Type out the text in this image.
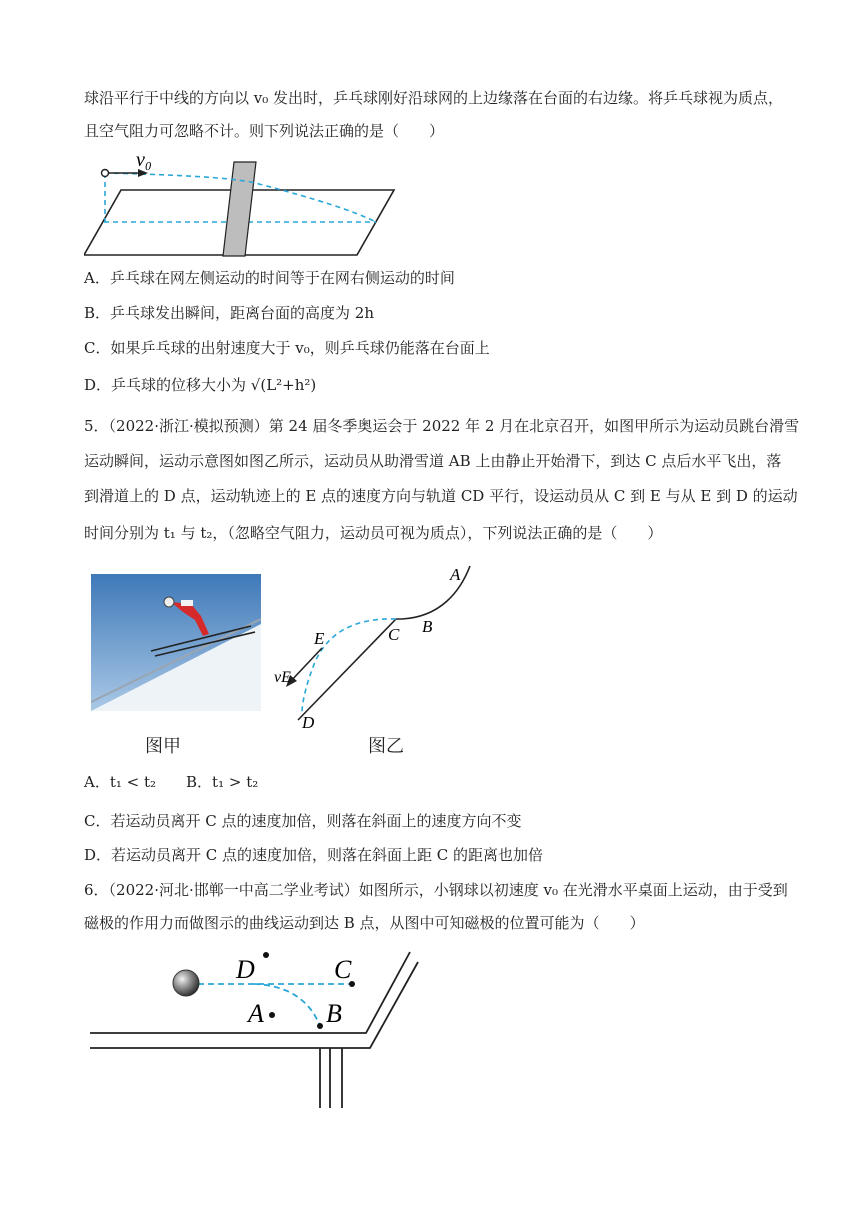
球沿平行于中线的方向以 v₀ 发出时，乒乓球刚好沿球网的上边缘落在台面的右边缘。将乒乓球视为质点，
且空气阻力可忽略不计。则下列说法正确的是（　　）
v₀
A．乒乓球在网左侧运动的时间等于在网右侧运动的时间
B．乒乓球发出瞬间，距离台面的高度为 2h
C．如果乒乓球的出射速度大于 v₀，则乒乓球仍能落在台面上
D．乒乓球的位移大小为 √(L²+h²)
5．（2022·浙江·模拟预测）第 24 届冬季奥运会于 2022 年 2 月在北京召开，如图甲所示为运动员跳台滑雪
运动瞬间，运动示意图如图乙所示，运动员从助滑雪道 AB 上由静止开始滑下，到达 C 点后水平飞出，落
到滑道上的 D 点，运动轨迹上的 E 点的速度方向与轨道 CD 平行，设运动员从 C 到 E 与从 E 到 D 的运动
时间分别为 t₁ 与 t₂，（忽略空气阻力，运动员可视为质点），下列说法正确的是（　　）
A
B
C
E
vE
D
图甲	图乙
A．t₁ < t₂　　B．t₁ > t₂
C．若运动员离开 C 点的速度加倍，则落在斜面上的速度方向不变
D．若运动员离开 C 点的速度加倍，则落在斜面上距 C 的距离也加倍
6．（2022·河北·邯郸一中高二学业考试）如图所示，小钢球以初速度 v₀ 在光滑水平桌面上运动，由于受到
磁极的作用力而做图示的曲线运动到达 B 点，从图中可知磁极的位置可能为（　　）
D	C
A B
